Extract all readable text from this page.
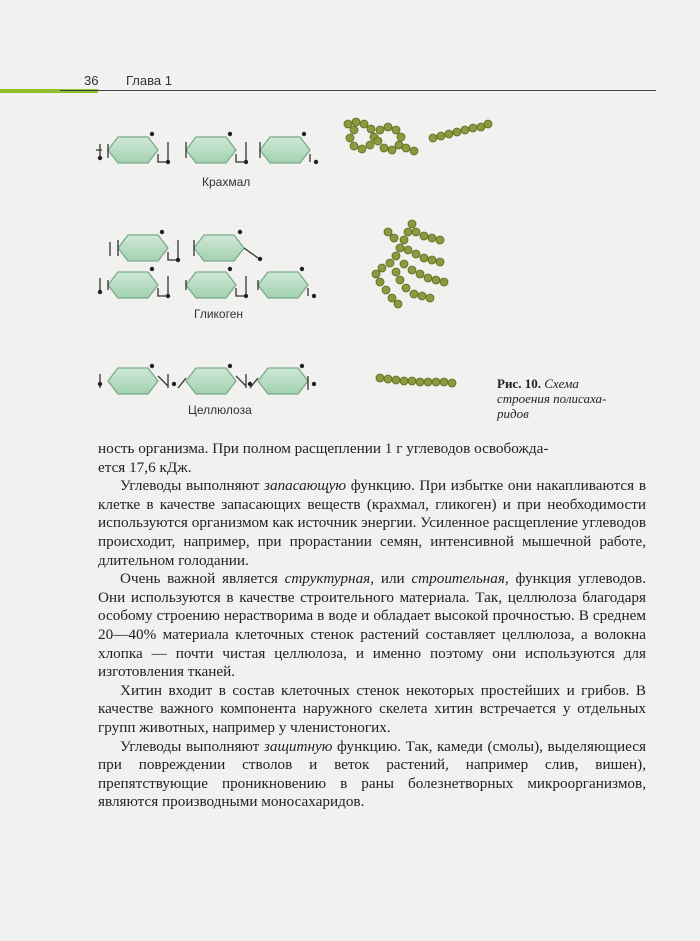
36 Глава 1
Крахмал
Гликоген
Целлюлоза
Рис. 10. Схема
строения полисаха-
ридов

ность организма. При полном расщеплении 1 г углеводов освобожда-
ется 17,6 кДж.

Углеводы выполняют запасающую функцию. При избытке они накапливаются в клетке в качестве запасающих веществ (крахмал, гликоген) и при необходимости используются организмом как источник энергии. Усиленное расщепление углеводов происходит, например, при прорастании семян, интенсивной мышечной работе, длительном голодании.

Очень важной является структурная, или строительная, функция углеводов. Они используются в качестве строительного материала. Так, целлюлоза благодаря особому строению нерастворима в воде и обладает высокой прочностью. В среднем 20—40% материала клеточных стенок растений составляет целлюлоза, а волокна хлопка — почти чистая целлюлоза, и именно поэтому они используются для изготовления тканей.

Хитин входит в состав клеточных стенок некоторых простейших и грибов. В качестве важного компонента наружного скелета хитин встречается у отдельных групп животных, например у членистоногих.

Углеводы выполняют защитную функцию. Так, камеди (смолы), выделяющиеся при повреждении стволов и веток растений, например слив, вишен), препятствующие проникновению в раны болезнетворных микроорганизмов, являются производными моносахаридов.
